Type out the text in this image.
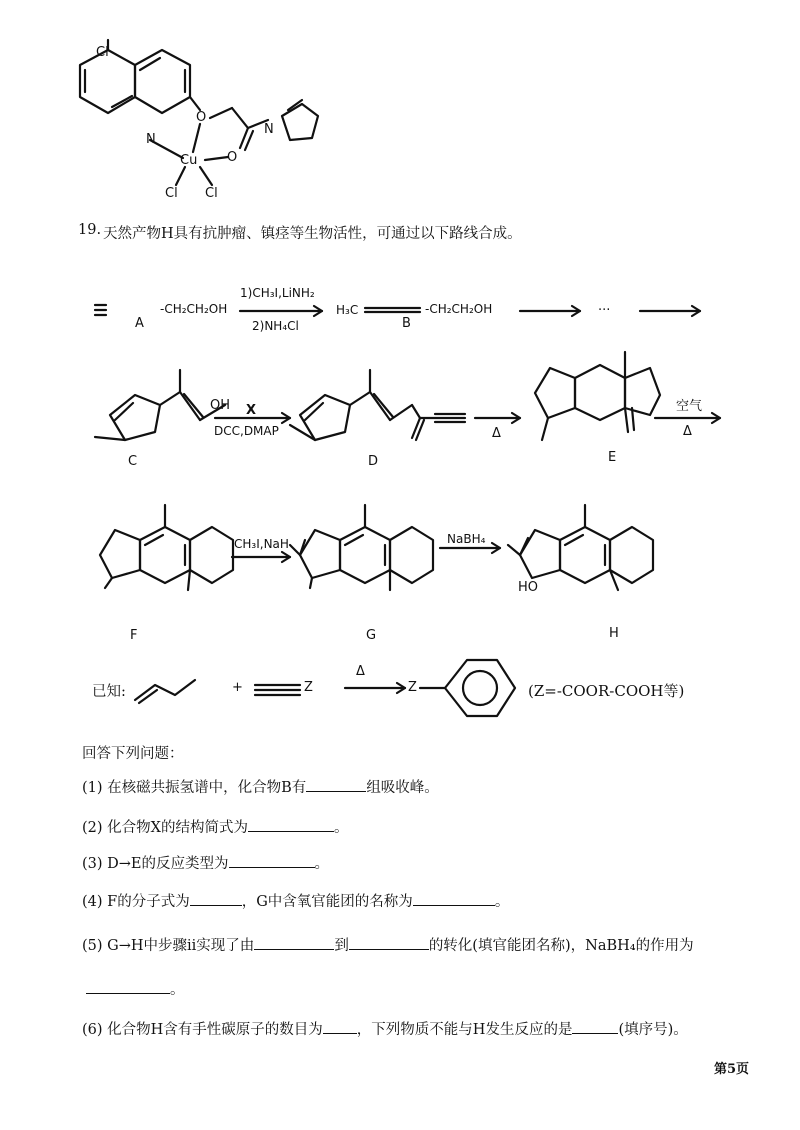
Cl
N
O
O
N
Cu
Cl Cl
19. 天然产物H具有抗肿瘤、镇痉等生物活性，可通过以下路线合成。
A
-CH₂CH₂OH
1)CH₃I,LiNH₂
2)NH₄Cl
H₃C
B
-CH₂CH₂OH	···
OH
C
X
DCC,DMAP
D
Δ
E
空气
Δ
F
CH₃I,NaH
G
NaBH₄
HO
H
已知:	+	Z
Δ
Z	(Z=-COOR-COOH等)
回答下列问题：
(1) 在核磁共振氢谱中，化合物B有	组吸收峰。
(2) 化合物X的结构简式为	。
(3) D→E的反应类型为	。
(4) F的分子式为	，G中含氧官能团的名称为	。
(5) G→H中步骤ii实现了由	到	的转化(填官能团名称)，NaBH₄的作用为
。
(6) 化合物H含有手性碳原子的数目为 ，下列物质不能与H发生反应的是	(填序号)。
第5页
